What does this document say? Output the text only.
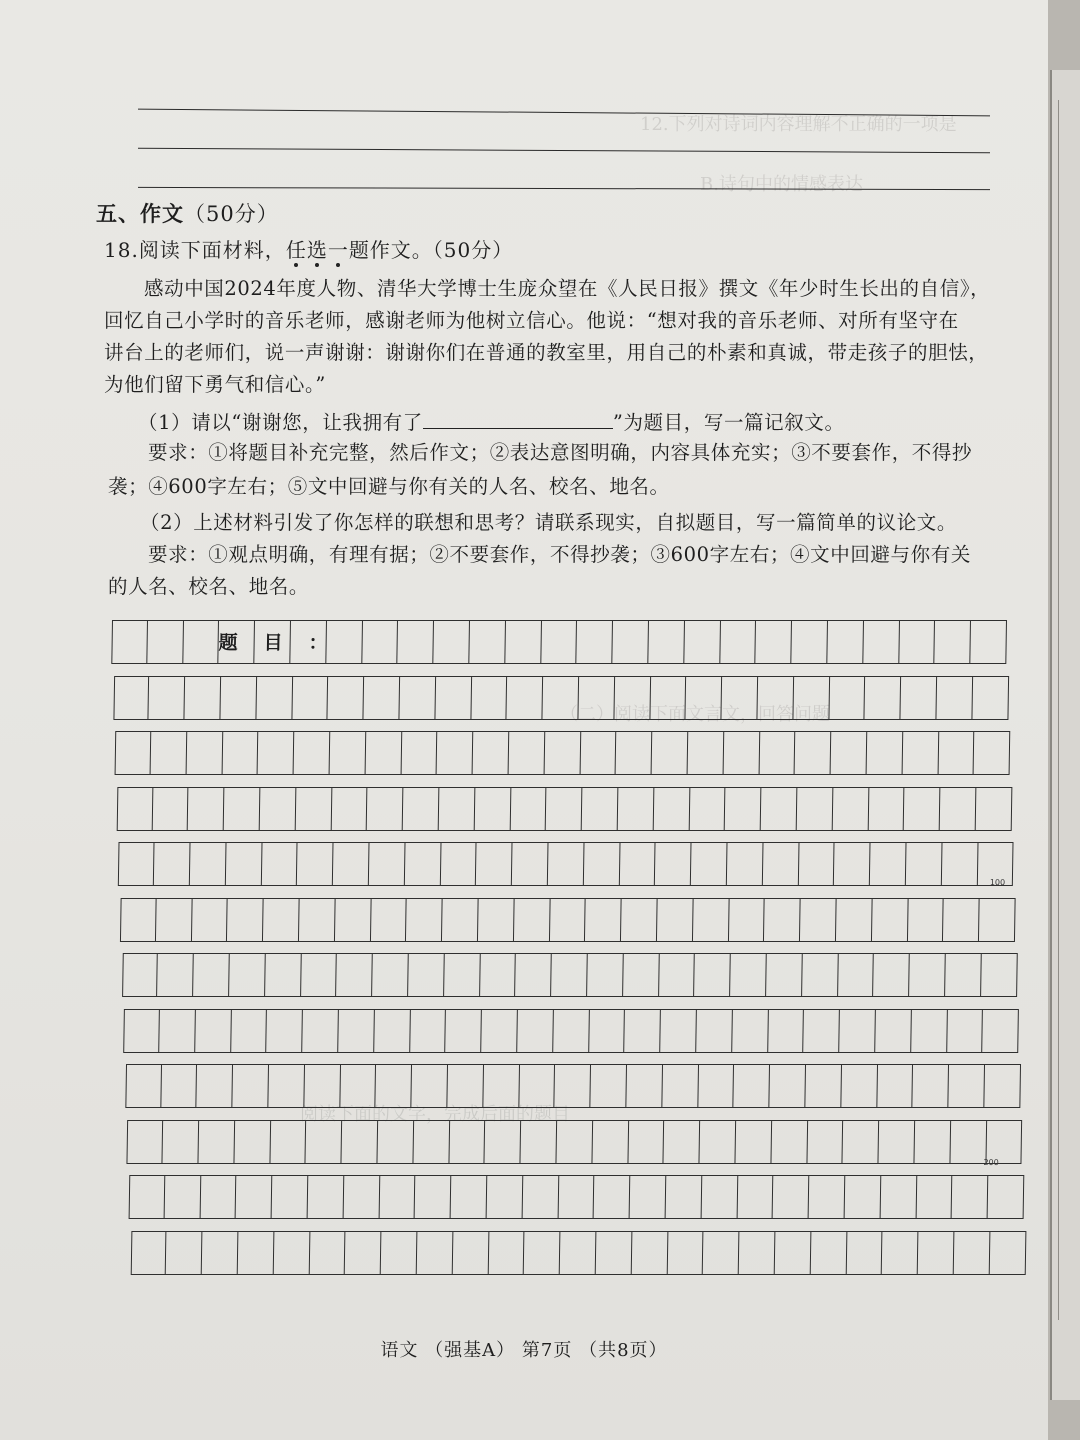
12.下列对诗词内容理解不正确的一项是
B.诗句中的情感表达
（二）阅读下面文言文，回答问题
阅读下面的文字，完成后面的题目
五、作文（50分）
18.阅读下面材料，任选一题作文。（50分）
感动中国2024年度人物、清华大学博士生庞众望在《人民日报》撰文《年少时生长出的自信》，
回忆自己小学时的音乐老师，感谢老师为他树立信心。他说：“想对我的音乐老师、对所有坚守在
讲台上的老师们，说一声谢谢：谢谢你们在普通的教室里，用自己的朴素和真诚，带走孩子的胆怯，
为他们留下勇气和信心。”
（1）请以“谢谢您，让我拥有了	”为题目，写一篇记叙文。
要求：①将题目补充完整，然后作文；②表达意图明确，内容具体充实；③不要套作，不得抄
袭；④600字左右；⑤文中回避与你有关的人名、校名、地名。
（2）上述材料引发了你怎样的联想和思考？请联系现实，自拟题目，写一篇简单的议论文。
要求：①观点明确，有理有据；②不要套作，不得抄袭；③600字左右；④文中回避与你有关
的人名、校名、地名。
题目：
100
200
语文 （强基A） 第7页 （共8页）
